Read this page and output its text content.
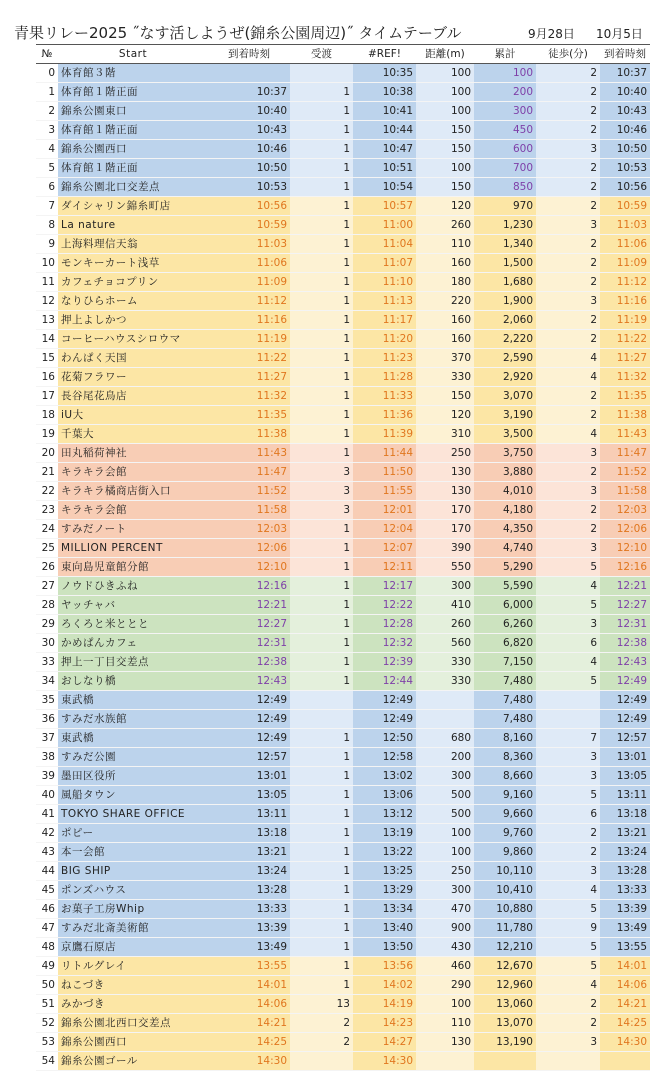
青果リレー2025 ˝なす活しようぜ(錦糸公園周辺)˝ タイムテーブル	9月28日 10月5日
№	Start	到着時刻	受渡	#REF!	距離(m)	累計	徒歩(分)	到着時刻
0	体育館３階			10:35	100	100	2	10:37
1	体育館１階正面	10:37	1	10:38	100	200	2	10:40
2	錦糸公園東口	10:40	1	10:41	100	300	2	10:43
3	体育館１階正面	10:43	1	10:44	150	450	2	10:46
4	錦糸公園西口	10:46	1	10:47	150	600	3	10:50
5	体育館１階正面	10:50	1	10:51	100	700	2	10:53
6	錦糸公園北口交差点	10:53	1	10:54	150	850	2	10:56
7	ダイシャリン錦糸町店	10:56	1	10:57	120	970	2	10:59
8	La nature	10:59	1	11:00	260	1,230	3	11:03
9	上海料理信天翁	11:03	1	11:04	110	1,340	2	11:06
10	モンキーカート浅草	11:06	1	11:07	160	1,500	2	11:09
11	カフェチョコプリン	11:09	1	11:10	180	1,680	2	11:12
12	なりひらホーム	11:12	1	11:13	220	1,900	3	11:16
13	押上よしかつ	11:16	1	11:17	160	2,060	2	11:19
14	コーヒーハウスシロウマ	11:19	1	11:20	160	2,220	2	11:22
15	わんぱく天国	11:22	1	11:23	370	2,590	4	11:27
16	花菊フラワー	11:27	1	11:28	330	2,920	4	11:32
17	長谷尾花鳥店	11:32	1	11:33	150	3,070	2	11:35
18	iU大	11:35	1	11:36	120	3,190	2	11:38
19	千葉大	11:38	1	11:39	310	3,500	4	11:43
20	田丸稲荷神社	11:43	1	11:44	250	3,750	3	11:47
21	キラキラ会館	11:47	3	11:50	130	3,880	2	11:52
22	キラキラ橘商店街入口	11:52	3	11:55	130	4,010	3	11:58
23	キラキラ会館	11:58	3	12:01	170	4,180	2	12:03
24	すみだノート	12:03	1	12:04	170	4,350	2	12:06
25	MILLION PERCENT	12:06	1	12:07	390	4,740	3	12:10
26	東向島児童館分館	12:10	1	12:11	550	5,290	5	12:16
27	ノウドひきふね	12:16	1	12:17	300	5,590	4	12:21
28	ヤッチャバ	12:21	1	12:22	410	6,000	5	12:27
29	ろくろと米ととと	12:27	1	12:28	260	6,260	3	12:31
30	かめぱんカフェ	12:31	1	12:32	560	6,820	6	12:38
33	押上一丁目交差点	12:38	1	12:39	330	7,150	4	12:43
34	おしなり橋	12:43	1	12:44	330	7,480	5	12:49
35	東武橋	12:49		12:49		7,480		12:49
36	すみだ水族館	12:49		12:49		7,480		12:49
37	東武橋	12:49	1	12:50	680	8,160	7	12:57
38	すみだ公園	12:57	1	12:58	200	8,360	3	13:01
39	墨田区役所	13:01	1	13:02	300	8,660	3	13:05
40	風船タウン	13:05	1	13:06	500	9,160	5	13:11
41	TOKYO SHARE OFFICE	13:11	1	13:12	500	9,660	6	13:18
42	ポピー	13:18	1	13:19	100	9,760	2	13:21
43	本一会館	13:21	1	13:22	100	9,860	2	13:24
44	BIG SHIP	13:24	1	13:25	250	10,110	3	13:28
45	ポンズハウス	13:28	1	13:29	300	10,410	4	13:33
46	お菓子工房Whip	13:33	1	13:34	470	10,880	5	13:39
47	すみだ北斎美術館	13:39	1	13:40	900	11,780	9	13:49
48	京鷹石原店	13:49	1	13:50	430	12,210	5	13:55
49	リトルグレイ	13:55	1	13:56	460	12,670	5	14:01
50	ねこづき	14:01	1	14:02	290	12,960	4	14:06
51	みかづき	14:06	13	14:19	100	13,060	2	14:21
52	錦糸公園北西口交差点	14:21	2	14:23	110	13,070	2	14:25
53	錦糸公園西口	14:25	2	14:27	130	13,190	3	14:30
54	錦糸公園ゴール	14:30		14:30				
